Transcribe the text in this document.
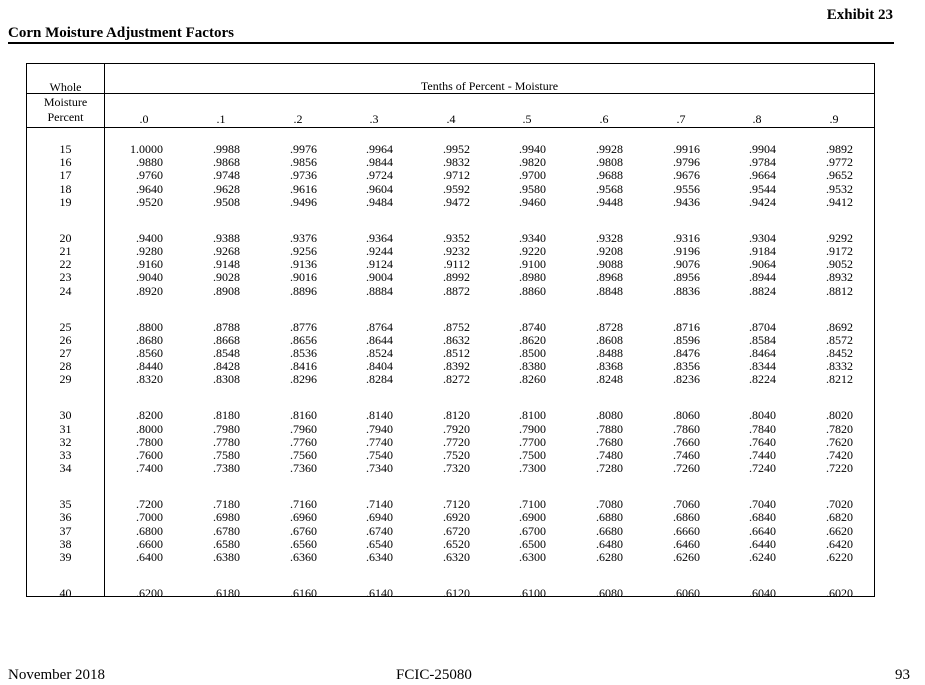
Exhibit 23
Corn Moisture Adjustment Factors
Whole
Moisture
Percent
Tenths of Percent - Moisture
.0	.1	.2	.3	.4	.5	.6	.7	.8	.9
15	1.0000	.9988	.9976	.9964	.9952	.9940	.9928	.9916	.9904	.9892
16	.9880	.9868	.9856	.9844	.9832	.9820	.9808	.9796	.9784	.9772
17	.9760	.9748	.9736	.9724	.9712	.9700	.9688	.9676	.9664	.9652
18	.9640	.9628	.9616	.9604	.9592	.9580	.9568	.9556	.9544	.9532
19	.9520	.9508	.9496	.9484	.9472	.9460	.9448	.9436	.9424	.9412
20	.9400	.9388	.9376	.9364	.9352	.9340	.9328	.9316	.9304	.9292
21	.9280	.9268	.9256	.9244	.9232	.9220	.9208	.9196	.9184	.9172
22	.9160	.9148	.9136	.9124	.9112	.9100	.9088	.9076	.9064	.9052
23	.9040	.9028	.9016	.9004	.8992	.8980	.8968	.8956	.8944	.8932
24	.8920	.8908	.8896	.8884	.8872	.8860	.8848	.8836	.8824	.8812
25	.8800	.8788	.8776	.8764	.8752	.8740	.8728	.8716	.8704	.8692
26	.8680	.8668	.8656	.8644	.8632	.8620	.8608	.8596	.8584	.8572
27	.8560	.8548	.8536	.8524	.8512	.8500	.8488	.8476	.8464	.8452
28	.8440	.8428	.8416	.8404	.8392	.8380	.8368	.8356	.8344	.8332
29	.8320	.8308	.8296	.8284	.8272	.8260	.8248	.8236	.8224	.8212
30	.8200	.8180	.8160	.8140	.8120	.8100	.8080	.8060	.8040	.8020
31	.8000	.7980	.7960	.7940	.7920	.7900	.7880	.7860	.7840	.7820
32	.7800	.7780	.7760	.7740	.7720	.7700	.7680	.7660	.7640	.7620
33	.7600	.7580	.7560	.7540	.7520	.7500	.7480	.7460	.7440	.7420
34	.7400	.7380	.7360	.7340	.7320	.7300	.7280	.7260	.7240	.7220
35	.7200	.7180	.7160	.7140	.7120	.7100	.7080	.7060	.7040	.7020
36	.7000	.6980	.6960	.6940	.6920	.6900	.6880	.6860	.6840	.6820
37	.6800	.6780	.6760	.6740	.6720	.6700	.6680	.6660	.6640	.6620
38	.6600	.6580	.6560	.6540	.6520	.6500	.6480	.6460	.6440	.6420
39	.6400	.6380	.6360	.6340	.6320	.6300	.6280	.6260	.6240	.6220
40	.6200	.6180	.6160	.6140	.6120	.6100	.6080	.6060	.6040	.6020
November 2018	FCIC-25080	93
